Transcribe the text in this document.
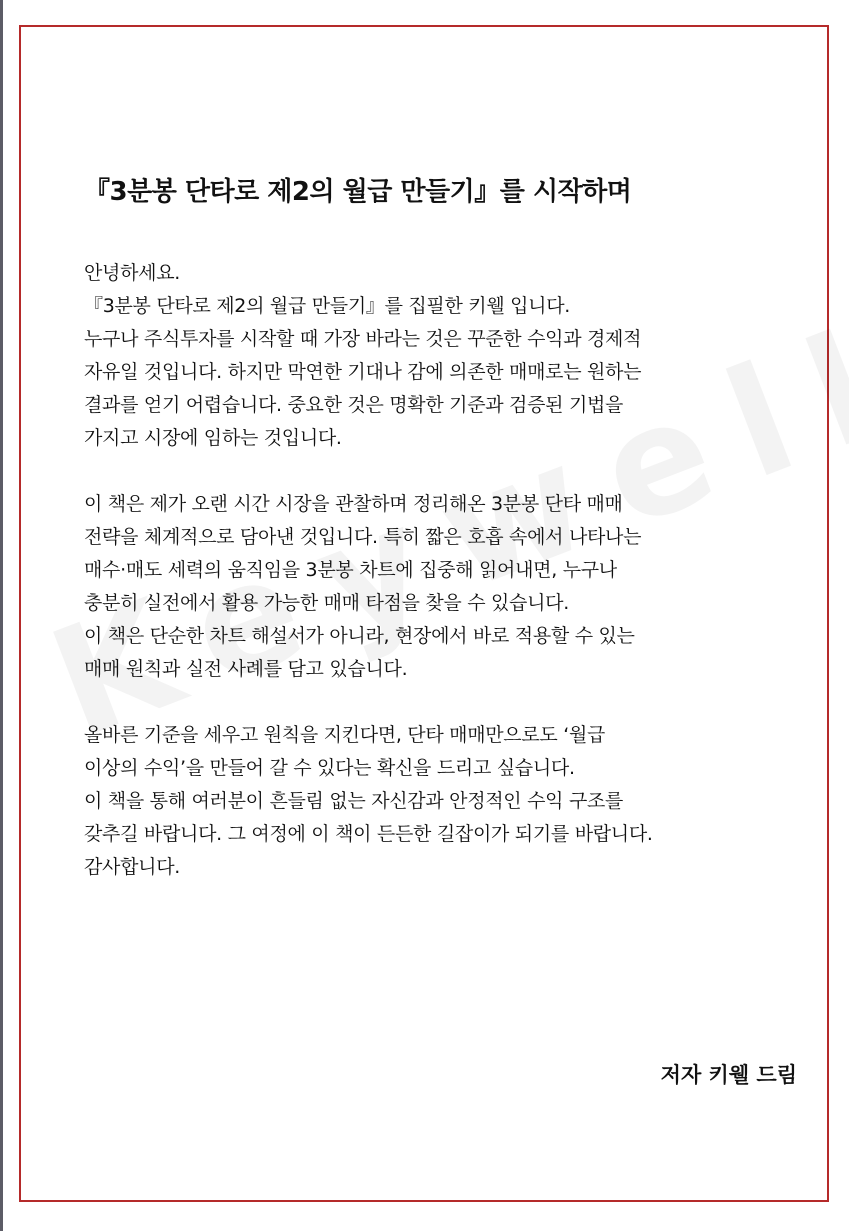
『3분봉 단타로 제2의 월급 만들기』를 시작하며
안녕하세요.
『3분봉 단타로 제2의 월급 만들기』를 집필한 키웰 입니다.
누구나 주식투자를 시작할 때 가장 바라는 것은 꾸준한 수익과 경제적
자유일 것입니다. 하지만 막연한 기대나 감에 의존한 매매로는 원하는
결과를 얻기 어렵습니다. 중요한 것은 명확한 기준과 검증된 기법을
가지고 시장에 임하는 것입니다.
이 책은 제가 오랜 시간 시장을 관찰하며 정리해온 3분봉 단타 매매
전략을 체계적으로 담아낸 것입니다. 특히 짧은 호흡 속에서 나타나는
매수·매도 세력의 움직임을 3분봉 차트에 집중해 읽어내면, 누구나
충분히 실전에서 활용 가능한 매매 타점을 찾을 수 있습니다.
이 책은 단순한 차트 해설서가 아니라, 현장에서 바로 적용할 수 있는
매매 원칙과 실전 사례를 담고 있습니다.
올바른 기준을 세우고 원칙을 지킨다면, 단타 매매만으로도 ‘월급
이상의 수익’을 만들어 갈 수 있다는 확신을 드리고 싶습니다.
이 책을 통해 여러분이 흔들림 없는 자신감과 안정적인 수익 구조를
갖추길 바랍니다. 그 여정에 이 책이 든든한 길잡이가 되기를 바랍니다.
감사합니다.
저자 키웰 드림
